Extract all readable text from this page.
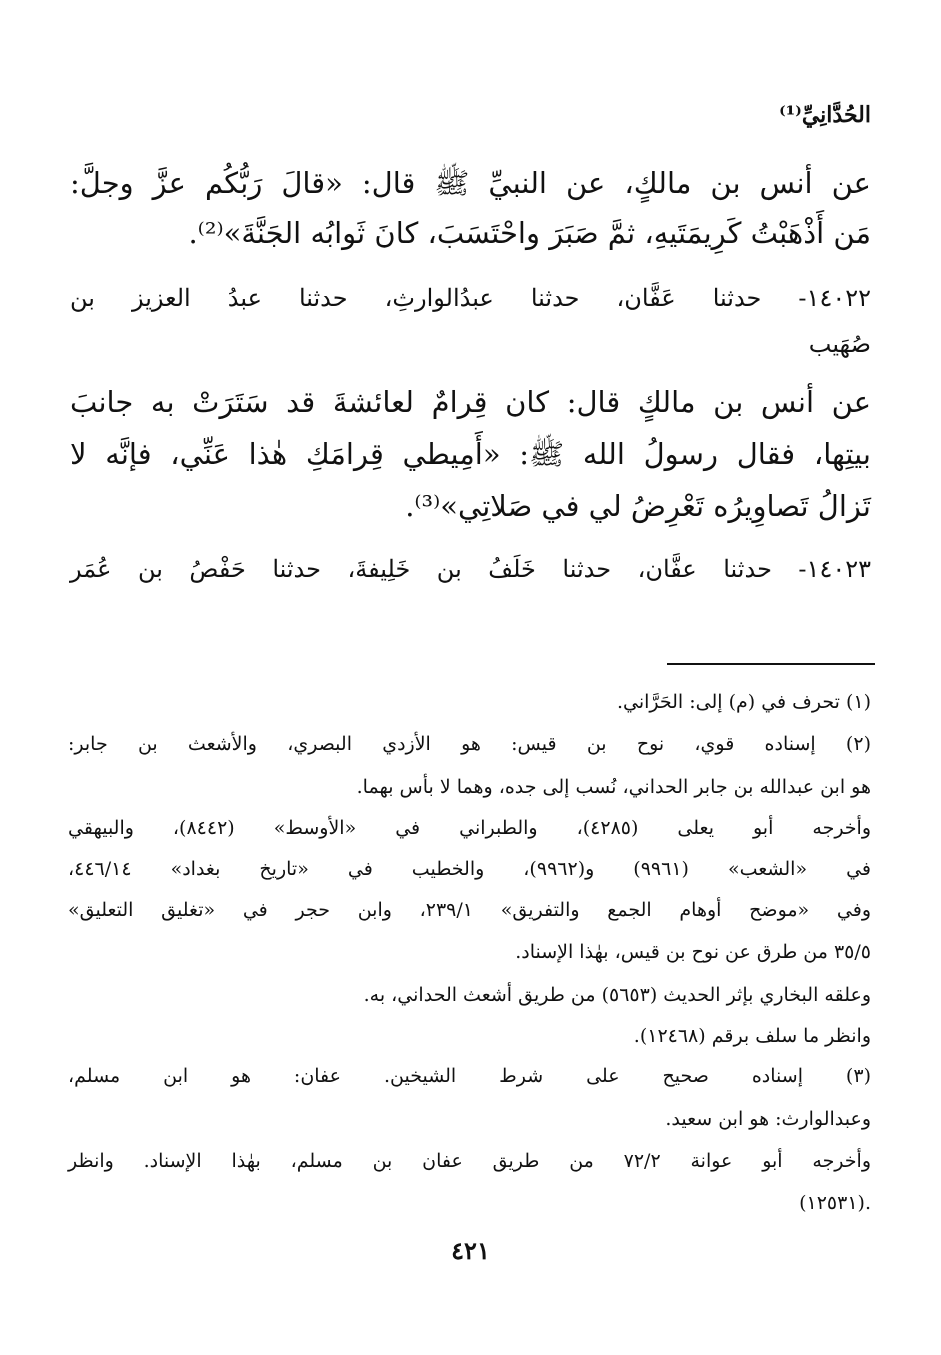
الحُدَّانِيِّ⁽¹⁾
عن أنس بن مالكٍ، عن النبيِّ ﷺ قال: «قالَ رَبُّكُم عزَّ وجلَّ:
مَن أَذْهَبْتُ كَرِيمَتَيهِ، ثمَّ صَبَرَ واحْتَسَبَ، كانَ ثَوابُه الجَنَّةَ»⁽²⁾.
١٤٠٢٢- حدثنا عَفَّان، حدثنا عبدُالوارثِ، حدثنا عبدُ العزيز بن
صُهَيب
عن أنس بن مالكٍ قال: كان قِرامٌ لعائشةَ قد سَتَرَتْ به جانبَ
بيتِها، فقال رسولُ الله ﷺ: «أَمِيطي قِرامَكِ هٰذا عَنِّي، فإنَّه لا
تَزالُ تَصاوِيرُه تَعْرِضُ لي في صَلاتِي»⁽³⁾.
١٤٠٢٣- حدثنا عفَّان، حدثنا خَلَفُ بن خَلِيفةَ، حدثنا حَفْصُ بن عُمَر
(١) تحرف في (م) إلى: الحَرَّاني.
(٢) إسناده قوي، نوح بن قيس: هو الأزدي البصري، والأشعث بن جابر:
هو ابن عبدالله بن جابر الحداني، نُسب إلى جده، وهما لا بأس بهما.
وأخرجه أبو يعلى (٤٢٨٥)، والطبراني في «الأوسط» (٨٤٤٢)، والبيهقي
في «الشعب» (٩٩٦١) و(٩٩٦٢)، والخطيب في «تاريخ بغداد» ٤٤٦/١٤،
وفي «موضح أوهام الجمع والتفريق» ٢٣٩/١، وابن حجر في «تغليق التعليق»
٣٥/٥ من طرق عن نوح بن قيس، بهٰذا الإسناد.
وعلقه البخاري بإثر الحديث (٥٦٥٣) من طريق أشعث الحداني، به.
وانظر ما سلف برقم (١٢٤٦٨).
(٣) إسناده صحيح على شرط الشيخين. عفان: هو ابن مسلم،
وعبدالوارث: هو ابن سعيد.
وأخرجه أبو عوانة ٧٢/٢ من طريق عفان بن مسلم، بهٰذا الإسناد. وانظر
(١٢٥٣١).
٤٢١
